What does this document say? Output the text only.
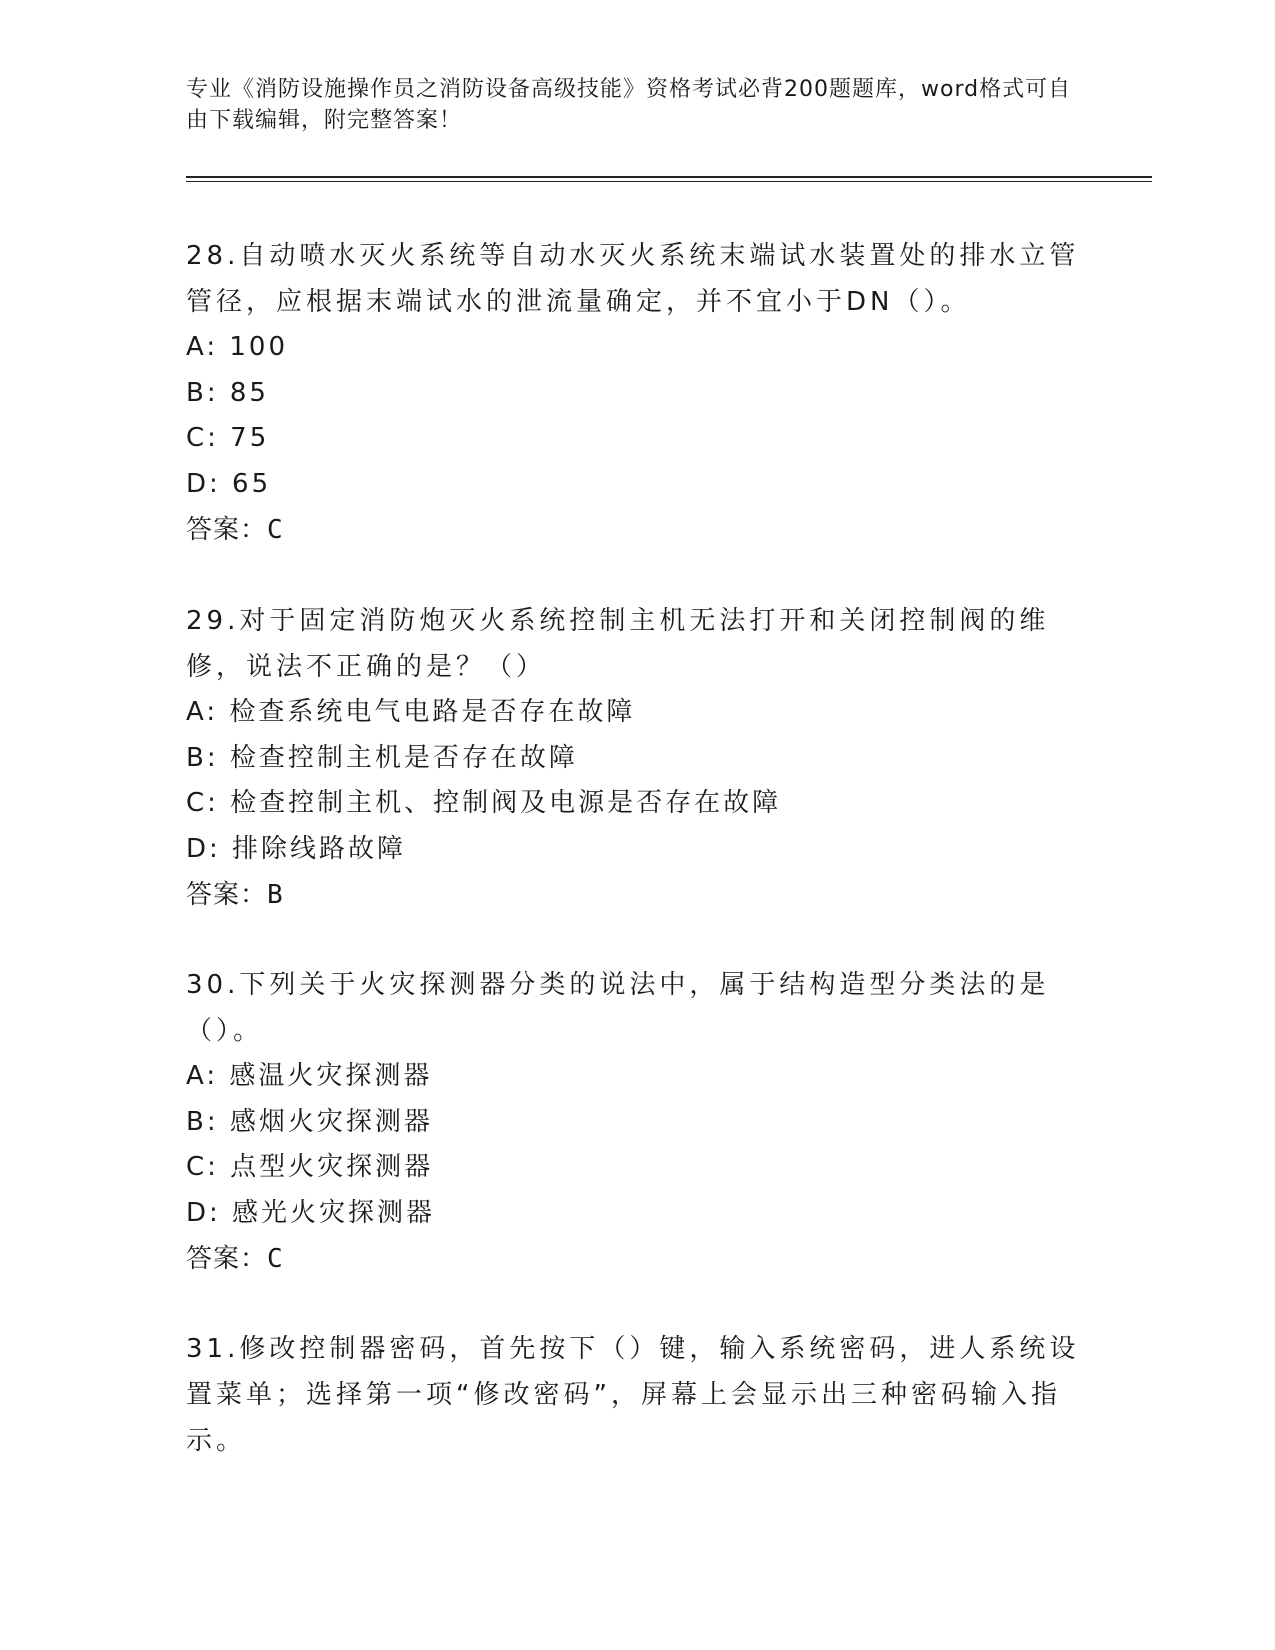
专业《消防设施操作员之消防设备高级技能》资格考试必背200题题库，word格式可自由下载编辑，附完整答案！

28.自动喷水灭火系统等自动水灭火系统末端试水装置处的排水立管管径，应根据末端试水的泄流量确定，并不宜小于DN（）。

A: 100

B: 85

C: 75

D: 65

答案：C

29.对于固定消防炮灭火系统控制主机无法打开和关闭控制阀的维修，说法不正确的是？（）

A: 检查系统电气电路是否存在故障

B: 检查控制主机是否存在故障

C: 检查控制主机、控制阀及电源是否存在故障

D: 排除线路故障

答案：B

30.下列关于火灾探测器分类的说法中，属于结构造型分类法的是（）。

A: 感温火灾探测器

B: 感烟火灾探测器

C: 点型火灾探测器

D: 感光火灾探测器

答案：C

31.修改控制器密码，首先按下（）键，输入系统密码，进人系统设置菜单；选择第一项“修改密码”，屏幕上会显示出三种密码输入指示。
